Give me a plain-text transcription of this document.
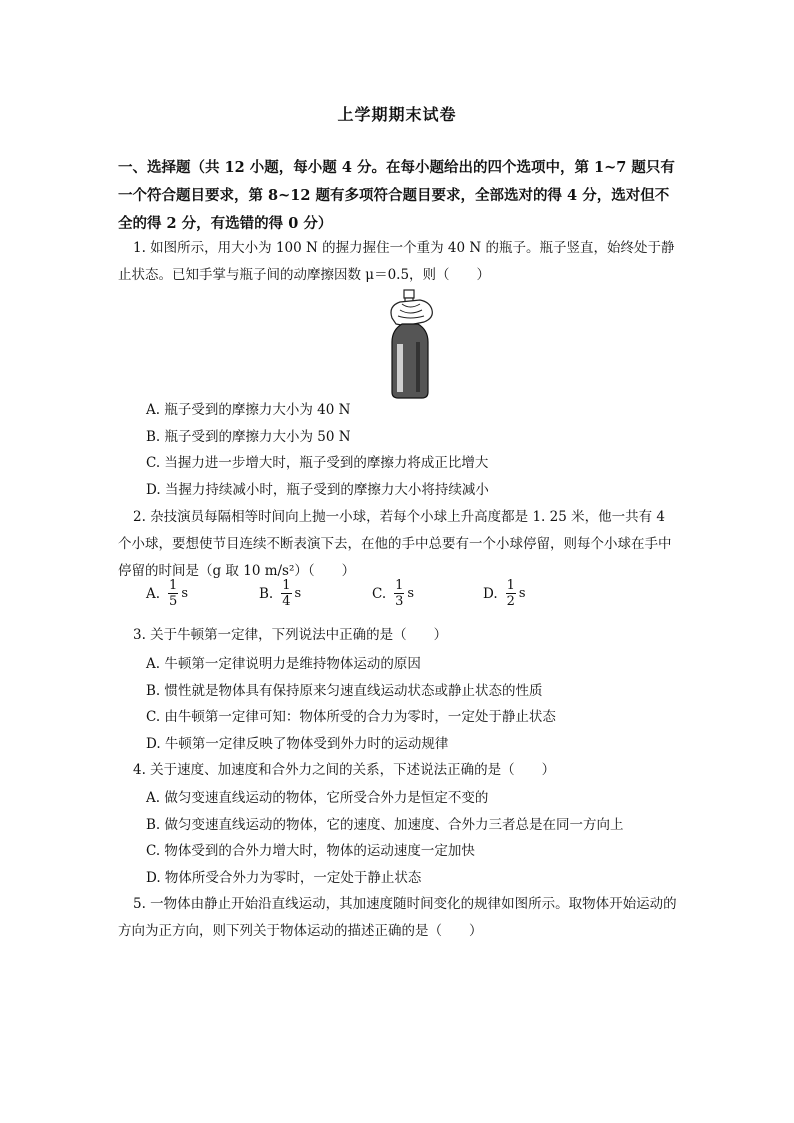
上学期期末试卷
一、选择题（共 12 小题，每小题 4 分。在每小题给出的四个选项中，第 1~7 题只有一个符合题目要求，第 8~12 题有多项符合题目要求，全部选对的得 4 分，选对但不全的得 2 分，有选错的得 0 分）
1. 如图所示，用大小为 100 N 的握力握住一个重为 40 N 的瓶子。瓶子竖直，始终处于静止状态。已知手掌与瓶子间的动摩擦因数 μ＝0.5，则（　　）
A. 瓶子受到的摩擦力大小为 40 N
B. 瓶子受到的摩擦力大小为 50 N
C. 当握力进一步增大时，瓶子受到的摩擦力将成正比增大
D. 当握力持续减小时，瓶子受到的摩擦力大小将持续减小
2. 杂技演员每隔相等时间向上抛一小球，若每个小球上升高度都是 1. 25 米，他一共有 4 个小球，要想使节目连续不断表演下去，在他的手中总要有一个小球停留，则每个小球在手中停留的时间是（g 取 10 m/s²）（　　）
A. $\frac{1}{5}$ s	B. $\frac{1}{4}$ s	C. $\frac{1}{3}$ s	D. $\frac{1}{2}$ s
3. 关于牛顿第一定律，下列说法中正确的是（　　）
A. 牛顿第一定律说明力是维持物体运动的原因
B. 惯性就是物体具有保持原来匀速直线运动状态或静止状态的性质
C. 由牛顿第一定律可知：物体所受的合力为零时，一定处于静止状态
D. 牛顿第一定律反映了物体受到外力时的运动规律
4. 关于速度、加速度和合外力之间的关系，下述说法正确的是（　　）
A. 做匀变速直线运动的物体，它所受合外力是恒定不变的
B. 做匀变速直线运动的物体，它的速度、加速度、合外力三者总是在同一方向上
C. 物体受到的合外力增大时，物体的运动速度一定加快
D. 物体所受合外力为零时，一定处于静止状态
5. 一物体由静止开始沿直线运动，其加速度随时间变化的规律如图所示。取物体开始运动的方向为正方向，则下列关于物体运动的描述正确的是（　　）
